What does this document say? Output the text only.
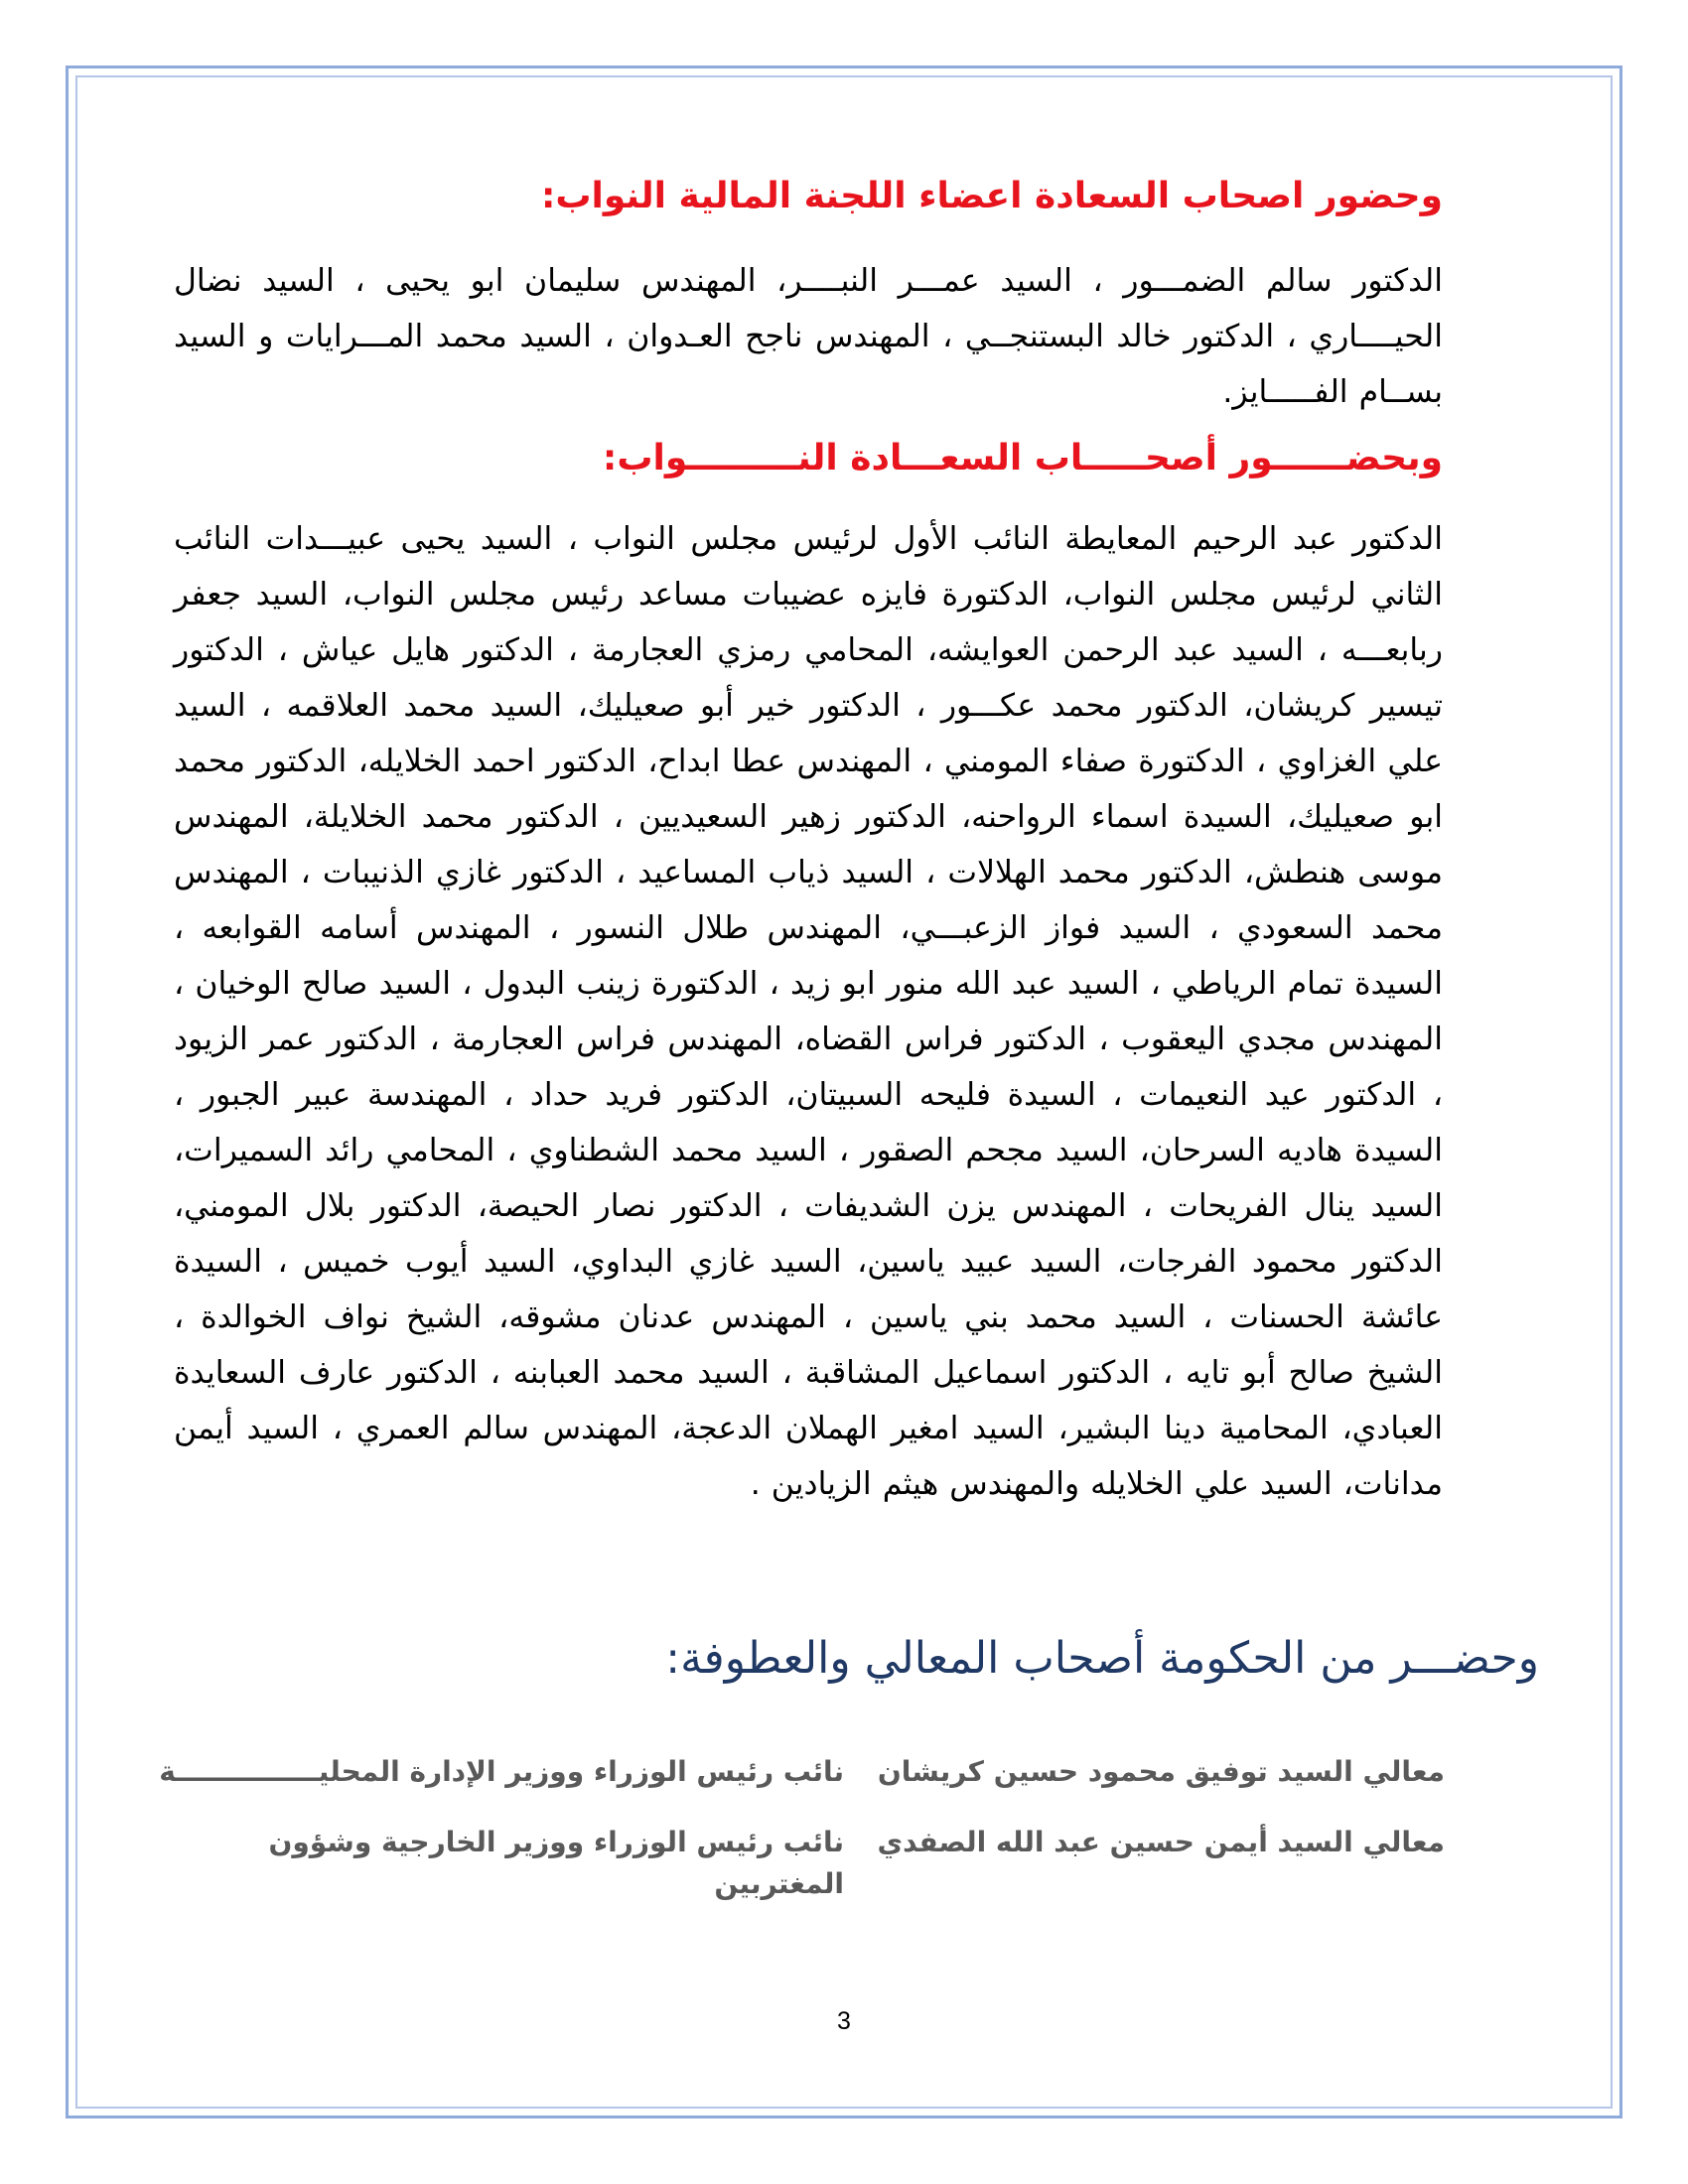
وحضور اصحاب السعادة اعضاء اللجنة المالية النواب:
الدكتور سالم الضمـــور ، السيد عمـــر النبــــر، المهندس سليمان ابو يحيى ، السيد نضال الحيــــاري ، الدكتور خالد البستنجــي ، المهندس ناجح العـدوان ، السيد محمد المـــرايات و السيد بســام الفـــــايز.
وبحضــــــور أصحـــــاب السعـــادة النـــــــــواب:
الدكتور عبد الرحيم المعايطة النائب الأول لرئيس مجلس النواب ، السيد يحيى عبيـــدات النائب الثاني لرئيس مجلس النواب، الدكتورة فايزه عضيبات مساعد رئيس مجلس النواب، السيد جعفر ربابعـــه ، السيد عبد الرحمن العوايشه، المحامي رمزي العجارمة ، الدكتور هايل عياش ، الدكتور تيسير كريشان، الدكتور محمد عكـــور ، الدكتور خير أبو صعيليك، السيد محمد العلاقمه ، السيد علي الغزاوي ، الدكتورة صفاء المومني ، المهندس عطا ابداح، الدكتور احمد الخلايله، الدكتور محمد ابو صعيليك، السيدة اسماء الرواحنه، الدكتور زهير السعيديين ، الدكتور محمد الخلايلة، المهندس موسى هنطش، الدكتور محمد الهلالات ، السيد ذياب المساعيد ، الدكتور غازي الذنيبات ، المهندس محمد السعودي ، السيد فواز الزعبـــي، المهندس طلال النسور ، المهندس أسامه القوابعه ، السيدة تمام الرياطي ، السيد عبد الله منور ابو زيد ، الدكتورة زينب البدول ، السيد صالح الوخيان ، المهندس مجدي اليعقوب ، الدكتور فراس القضاه، المهندس فراس العجارمة ، الدكتور عمر الزيود ، الدكتور عيد النعيمات ، السيدة فليحه السبيتان، الدكتور فريد حداد ، المهندسة عبير الجبور ، السيدة هاديه السرحان، السيد مجحم الصقور ، السيد محمد الشطناوي ، المحامي رائد السميرات، السيد ينال الفريحات ، المهندس يزن الشديفات ، الدكتور نصار الحيصة، الدكتور بلال المومني، الدكتور محمود الفرجات، السيد عبيد ياسين، السيد غازي البداوي، السيد أيوب خميس ، السيدة عائشة الحسنات ، السيد محمد بني ياسين ، المهندس عدنان مشوقه، الشيخ نواف الخوالدة ، الشيخ صالح أبو تايه ، الدكتور اسماعيل المشاقبة ، السيد محمد العبابنه ، الدكتور عارف السعايدة العبادي، المحامية دينا البشير، السيد امغير الهملان الدعجة، المهندس سالم العمري ، السيد أيمن مدانات، السيد علي الخلايله والمهندس هيثم الزيادين .
وحضـــر من الحكومة أصحاب المعالي والعطوفة:
معالي السيد توفيق محمود حسين كريشان
نائب رئيس الوزراء ووزير الإدارة المحليـــــــــــــــة
معالي السيد أيمن حسين عبد الله الصفدي
نائب رئيس الوزراء ووزير الخارجية وشؤون المغتربين
3
